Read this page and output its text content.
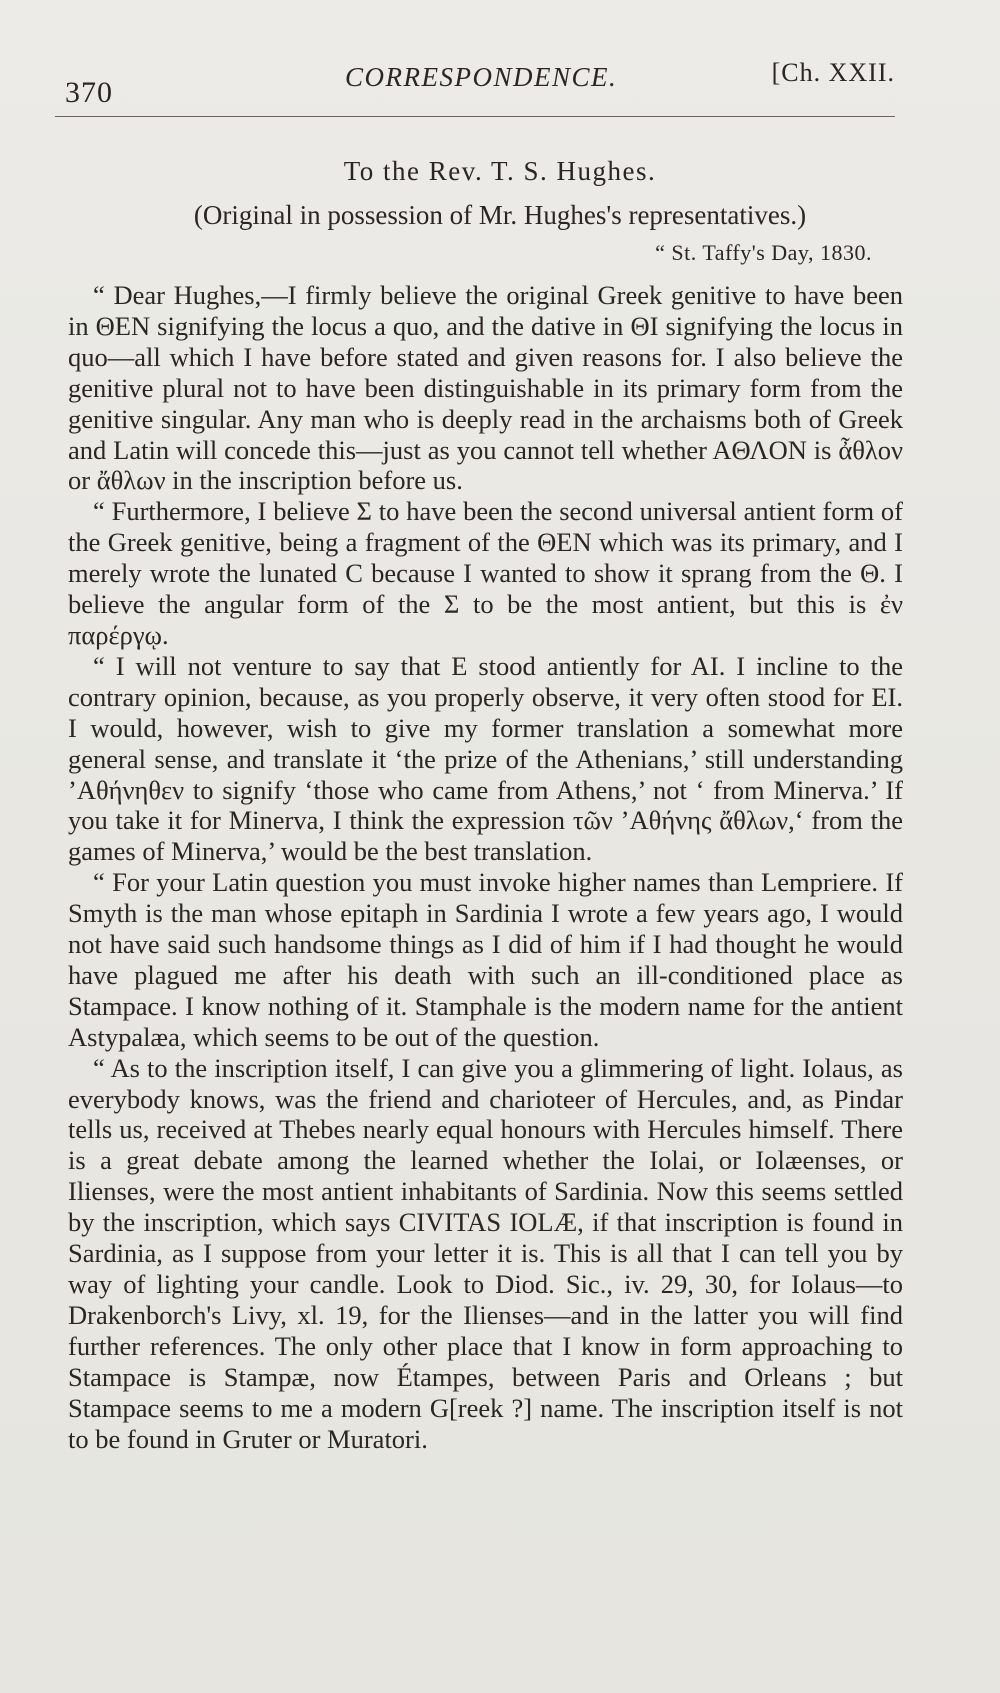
370	CORRESPONDENCE.	[Ch. XXII.
To the Rev. T. S. Hughes.
(Original in possession of Mr. Hughes's representatives.)
“ St. Taffy's Day, 1830.

“ Dear Hughes,—I firmly believe the original Greek genitive to have been in ΘEN signifying the locus a quo, and the dative in ΘI signifying the locus in quo—all which I have before stated and given reasons for. I also believe the genitive plural not to have been distinguishable in its primary form from the genitive singular. Any man who is deeply read in the archaisms both of Greek and Latin will concede this—just as you cannot tell whether AΘΛON is ἆθλον or ἄθλων in the inscription before us.

“ Furthermore, I believe Σ to have been the second universal antient form of the Greek genitive, being a fragment of the ΘEN which was its primary, and I merely wrote the lunated C because I wanted to show it sprang from the Θ. I believe the angular form of the Σ to be the most antient, but this is ἐν παρέργῳ.

“ I will not venture to say that E stood antiently for AI. I incline to the contrary opinion, because, as you properly observe, it very often stood for EI. I would, however, wish to give my former translation a somewhat more general sense, and translate it ‘the prize of the Athenians,’ still understanding ’Aθήνηθεν to signify ‘those who came from Athens,’ not ‘ from Minerva.’ If you take it for Minerva, I think the expression τῶν ’Aθήνης ἄθλων,‘ from the games of Minerva,’ would be the best translation.

“ For your Latin question you must invoke higher names than Lempriere. If Smyth is the man whose epitaph in Sardinia I wrote a few years ago, I would not have said such handsome things as I did of him if I had thought he would have plagued me after his death with such an ill-conditioned place as Stampace. I know nothing of it. Stamphale is the modern name for the antient Astypalæa, which seems to be out of the question.

“ As to the inscription itself, I can give you a glimmering of light. Iolaus, as everybody knows, was the friend and charioteer of Hercules, and, as Pindar tells us, received at Thebes nearly equal honours with Hercules himself. There is a great debate among the learned whether the Iolai, or Iolæenses, or Ilienses, were the most antient inhabitants of Sardinia. Now this seems settled by the inscription, which says CIVITAS IOLÆ, if that inscription is found in Sardinia, as I suppose from your letter it is. This is all that I can tell you by way of lighting your candle. Look to Diod. Sic., iv. 29, 30, for Iolaus—to Drakenborch's Livy, xl. 19, for the Ilienses—and in the latter you will find further references. The only other place that I know in form approaching to Stampace is Stampæ, now Étampes, between Paris and Orleans ; but Stampace seems to me a modern G[reek ?] name. The inscription itself is not to be found in Gruter or Muratori.
